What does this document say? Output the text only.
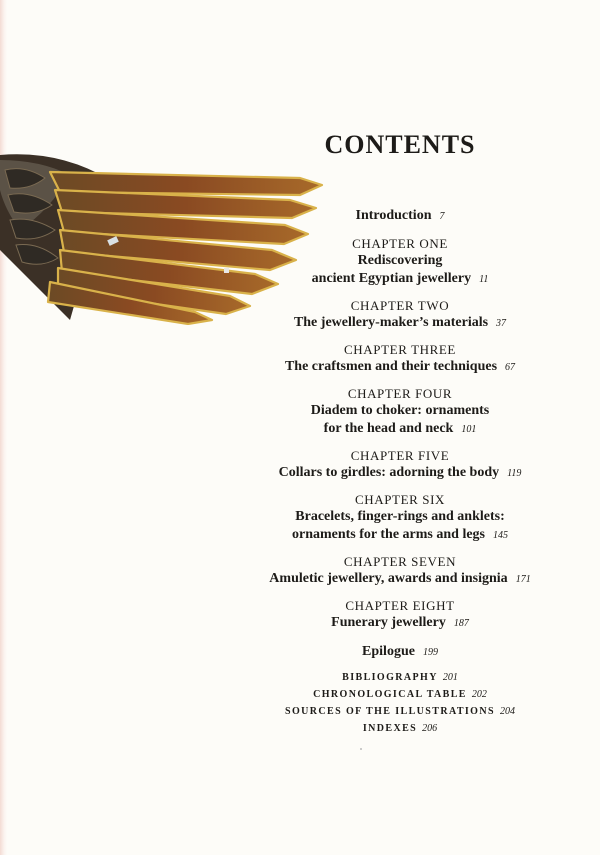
CONTENTS
Introduction 7
CHAPTER ONE
Rediscovering
ancient Egyptian jewellery 11
CHAPTER TWO
The jewellery-maker’s materials 37
CHAPTER THREE
The craftsmen and their techniques 67
CHAPTER FOUR
Diadem to choker: ornaments
for the head and neck 101
CHAPTER FIVE
Collars to girdles: adorning the body 119
CHAPTER SIX
Bracelets, finger-rings and anklets:
ornaments for the arms and legs 145
CHAPTER SEVEN
Amuletic jewellery, awards and insignia 171
CHAPTER EIGHT
Funerary jewellery 187
Epilogue 199
BIBLIOGRAPHY 201
CHRONOLOGICAL TABLE 202
SOURCES OF THE ILLUSTRATIONS 204
INDEXES 206
